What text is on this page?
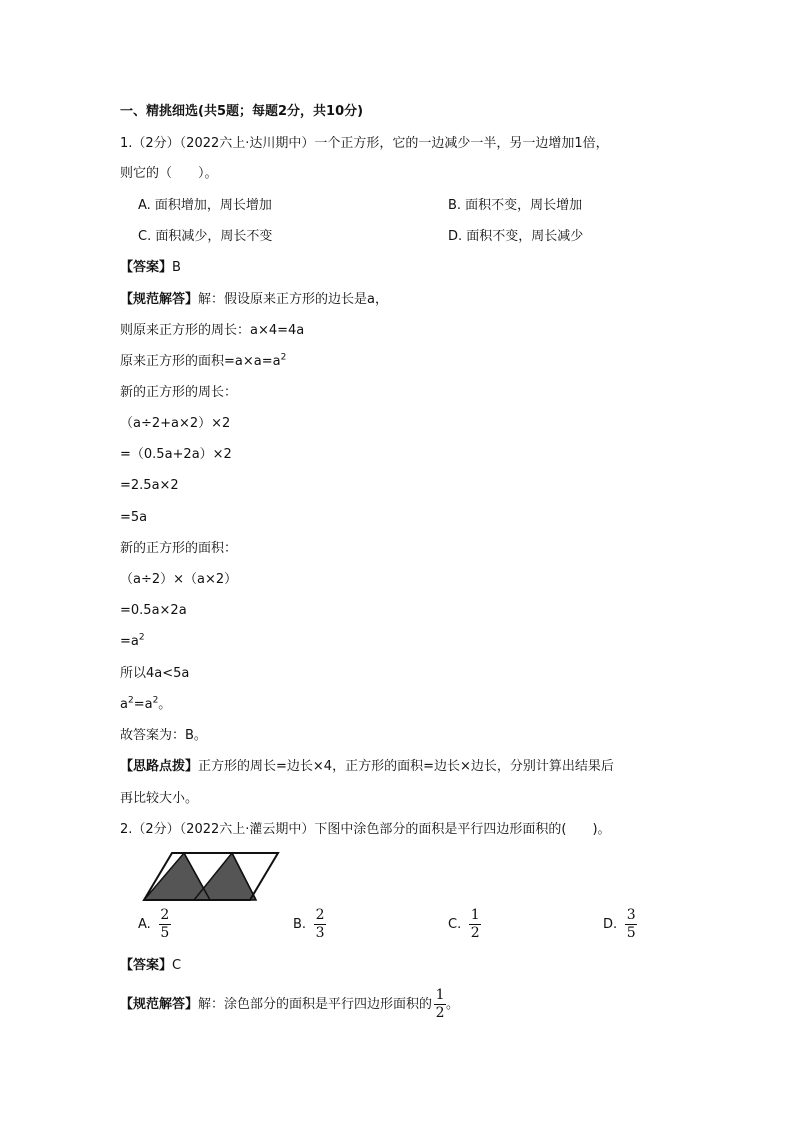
一、精挑细选(共5题；每题2分，共10分)
1.（2分）（2022六上·达川期中）一个正方形，它的一边减少一半，另一边增加1倍，
则它的（　　）。
A. 面积增加，周长增加	B. 面积不变，周长增加
C. 面积减少，周长不变	D. 面积不变，周长减少
【答案】B
【规范解答】解：假设原来正方形的边长是a，
则原来正方形的周长：a×4=4a
原来正方形的面积$=a\times a=a^2$
新的正方形的周长：
（a÷2+a×2）×2
=（0.5a+2a）×2
=2.5a×2
=5a
新的正方形的面积：
（a÷2）×（a×2）
=0.5a×2a
$=a^2$
所以4a<5a
$a^2=a^2$。
故答案为：B。
【思路点拨】正方形的周长=边长×4，正方形的面积=边长×边长，分别计算出结果后
再比较大小。
2.（2分）（2022六上·灌云期中）下图中涂色部分的面积是平行四边形面积的(　　)。
A. $\frac{2}{5}$	B. $\frac{2}{3}$	C. $\frac{1}{2}$	D. $\frac{3}{5}$
【答案】C
【规范解答】解：涂色部分的面积是平行四边形面积的 $\frac{1}{2}$ 。
